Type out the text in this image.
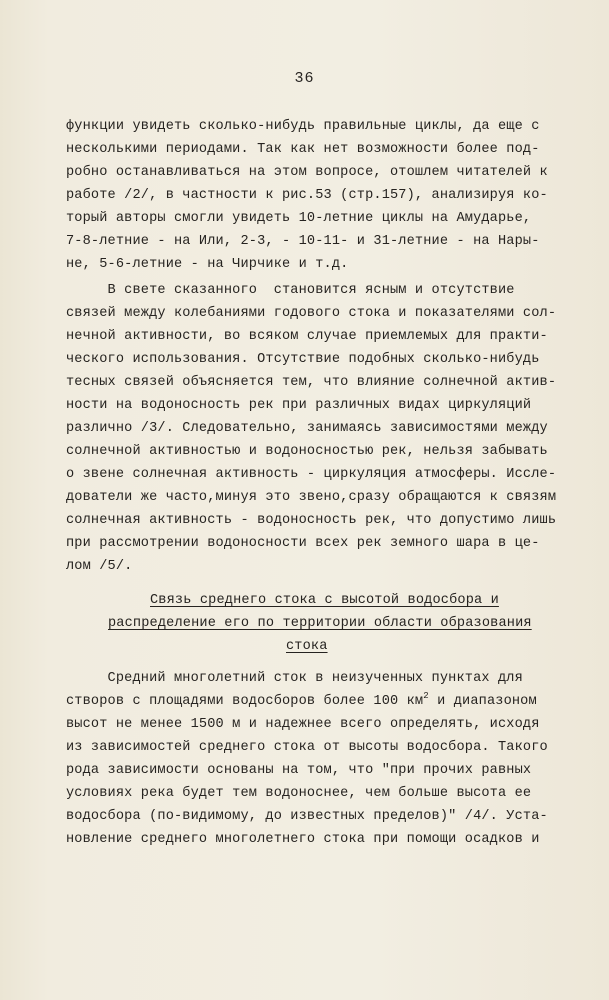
36
функции увидеть сколько-нибудь правильные циклы, да еще с
несколькими периодами. Так как нет возможности более под-
робно останавливаться на этом вопросе, отошлем читателей к
работе /2/, в частности к рис.53 (стр.157), анализируя ко-
торый авторы смогли увидеть 10-летние циклы на Амударье,
7-8-летние - на Или, 2-3, - 10-11- и 31-летние - на Нары-
не, 5-6-летние - на Чирчике и т.д.
В свете сказанного  становится ясным и отсутствие
связей между колебаниями годового стока и показателями сол-
нечной активности, во всяком случае приемлемых для практи-
ческого использования. Отсутствие подобных сколько-нибудь
тесных связей объясняется тем, что влияние солнечной актив-
ности на водоносность рек при различных видах циркуляций
различно /3/. Следовательно, занимаясь зависимостями между
солнечной активностью и водоносностью рек, нельзя забывать
о звене солнечная активность - циркуляция атмосферы. Иссле-
дователи же часто,минуя это звено,сразу обращаются к связям
солнечная активность - водоносность рек, что допустимо лишь
при рассмотрении водоносности всех рек земного шара в це-
лом /5/.
Связь среднего стока с высотой водосбора и
распределение его по территории области образования
стока
Средний многолетний сток в неизученных пунктах для
створов с площадями водосборов более 100 $км^2$ и диапазоном
высот не менее 1500 м и надежнее всего определять, исходя
из зависимостей среднего стока от высоты водосбора. Такого
рода зависимости основаны на том, что "при прочих равных
условиях река будет тем водоноснее, чем больше высота ее
водосбора (по-видимому, до известных пределов)" /4/. Уста-
новление среднего многолетнего стока при помощи осадков и
